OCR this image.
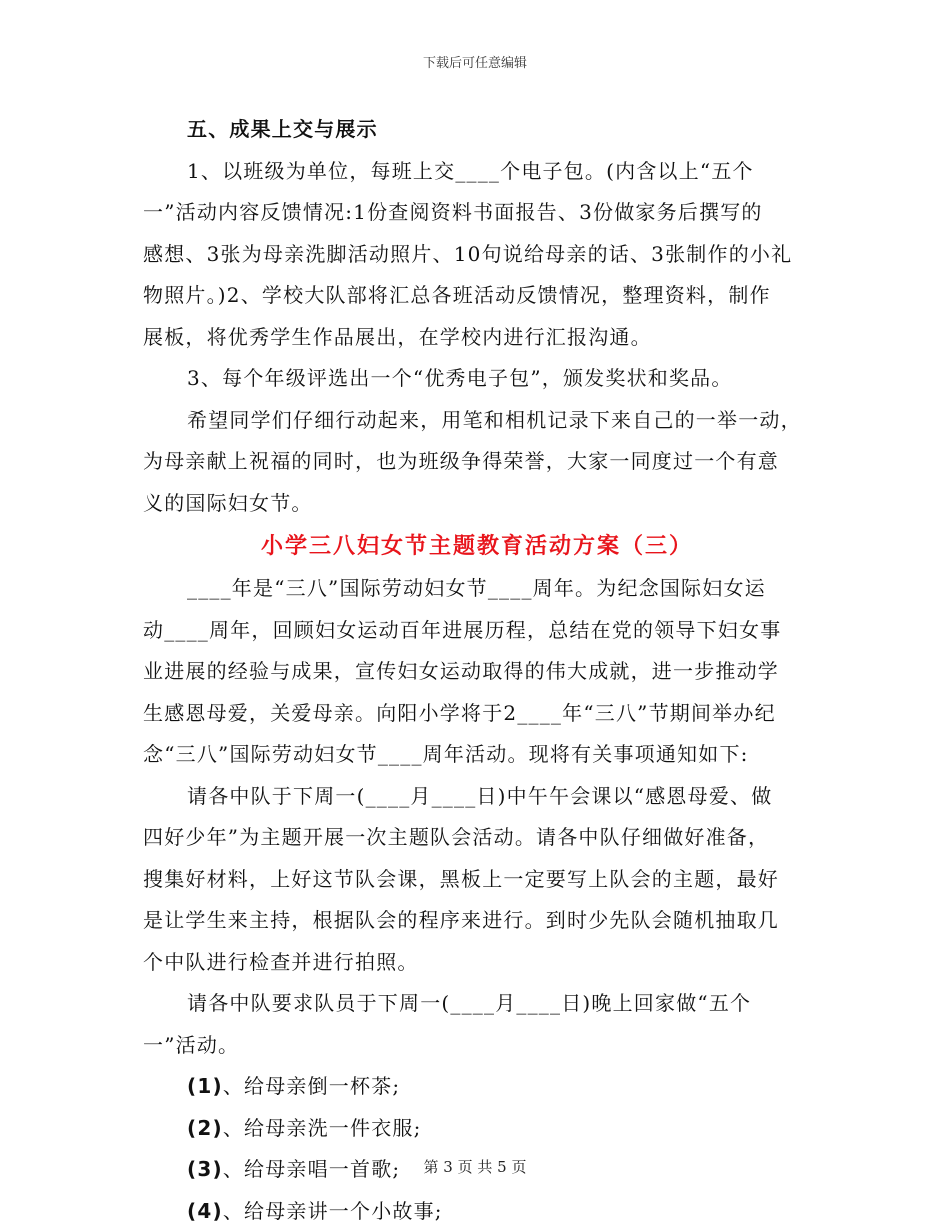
下载后可任意编辑
五、成果上交与展示
1、以班级为单位，每班上交____个电子包。(内含以上“五个
一”活动内容反馈情况:1份查阅资料书面报告、3份做家务后撰写的
感想、3张为母亲洗脚活动照片、10句说给母亲的话、3张制作的小礼
物照片。)2、学校大队部将汇总各班活动反馈情况，整理资料，制作
展板，将优秀学生作品展出，在学校内进行汇报沟通。
3、每个年级评选出一个“优秀电子包”，颁发奖状和奖品。
希望同学们仔细行动起来，用笔和相机记录下来自己的一举一动，
为母亲献上祝福的同时，也为班级争得荣誉，大家一同度过一个有意
义的国际妇女节。
小学三八妇女节主题教育活动方案（三）
____年是“三八”国际劳动妇女节____周年。为纪念国际妇女运
动____周年，回顾妇女运动百年进展历程，总结在党的领导下妇女事
业进展的经验与成果，宣传妇女运动取得的伟大成就，进一步推动学
生感恩母爱，关爱母亲。向阳小学将于2____年“三八”节期间举办纪
念“三八”国际劳动妇女节____周年活动。现将有关事项通知如下:
请各中队于下周一(____月____日)中午午会课以“感恩母爱、做
四好少年”为主题开展一次主题队会活动。请各中队仔细做好准备，
搜集好材料，上好这节队会课，黑板上一定要写上队会的主题，最好
是让学生来主持，根据队会的程序来进行。到时少先队会随机抽取几
个中队进行检查并进行拍照。
请各中队要求队员于下周一(____月____日)晚上回家做“五个
一”活动。
(1)、给母亲倒一杯茶;
(2)、给母亲洗一件衣服;
(3)、给母亲唱一首歌;
(4)、给母亲讲一个小故事;
第 3 页 共 5 页
